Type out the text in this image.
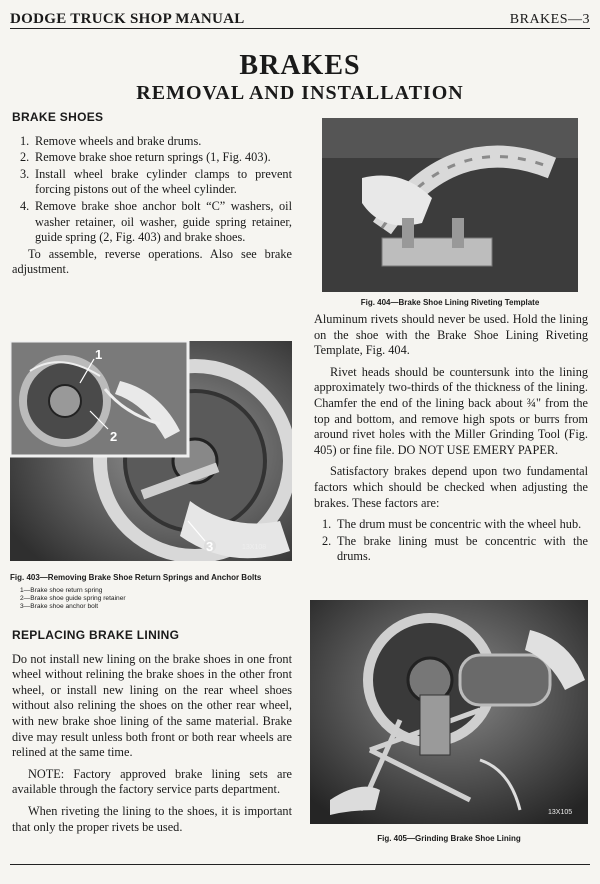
DODGE TRUCK SHOP MANUAL	BRAKES—3
BRAKES
REMOVAL AND INSTALLATION
BRAKE SHOES
1. Remove wheels and brake drums.
2. Remove brake shoe return springs (1, Fig. 403).
3. Install wheel brake cylinder clamps to prevent forcing pistons out of the wheel cylinder.
4. Remove brake shoe anchor bolt “C” washers, oil washer retainer, oil washer, guide spring retainer, guide spring (2, Fig. 403) and brake shoes.

To assemble, reverse operations. Also see brake adjustment.

1
2
3	13X108
Fig. 403—Removing Brake Shoe Return Springs and Anchor Bolts
1—Brake shoe return spring
2—Brake shoe guide spring retainer
3—Brake shoe anchor bolt
REPLACING BRAKE LINING

Do not install new lining on the brake shoes in one front wheel without relining the brake shoes in the other front wheel, or install new lining on the rear wheel shoes without also relining the shoes on the other rear wheel, with new brake shoe lining of the same material. Brake dive may result unless both front or both rear wheels are relined at the same time.

NOTE: Factory approved brake lining sets are available through the factory service parts department.

When riveting the lining to the shoes, it is important that only the proper rivets be used.

Fig. 404—Brake Shoe Lining Riveting Template

Aluminum rivets should never be used. Hold the lining on the shoe with the Brake Shoe Lining Riveting Template, Fig. 404.

Rivet heads should be countersunk into the lining approximately two-thirds of the thickness of the lining. Chamfer the end of the lining back about ¾" from the top and bottom, and remove high spots or burrs from around rivet holes with the Miller Grinding Tool (Fig. 405) or fine file. DO NOT USE EMERY PAPER.

Satisfactory brakes depend upon two fundamental factors which should be checked when adjusting the brakes. These factors are:

1. The drum must be concentric with the wheel hub.
2. The brake lining must be concentric with the drums.
13X105
Fig. 405—Grinding Brake Shoe Lining
